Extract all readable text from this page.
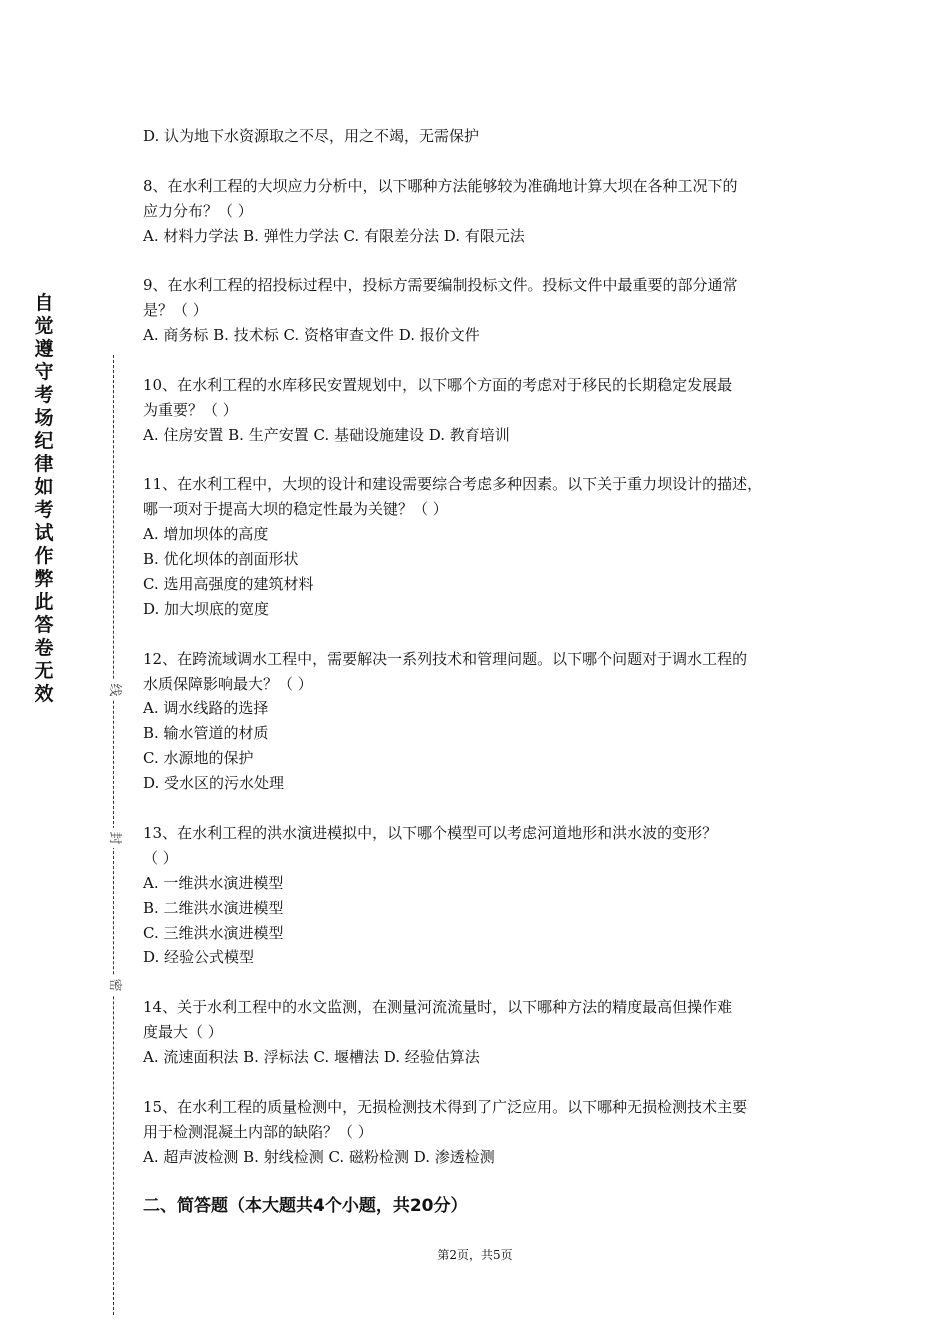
自觉遵守考场纪律如考试作弊此答卷无效	线
封
密
D. 认为地下水资源取之不尽，用之不竭，无需保护
8、在水利工程的大坝应力分析中，以下哪种方法能够较为准确地计算大坝在各种工况下的
应力分布？（ ）
A. 材料力学法 B. 弹性力学法 C. 有限差分法 D. 有限元法
9、在水利工程的招投标过程中，投标方需要编制投标文件。投标文件中最重要的部分通常
是？（ ）
A. 商务标 B. 技术标 C. 资格审查文件 D. 报价文件
10、在水利工程的水库移民安置规划中，以下哪个方面的考虑对于移民的长期稳定发展最
为重要？（ ）
A. 住房安置 B. 生产安置 C. 基础设施建设 D. 教育培训
11、在水利工程中，大坝的设计和建设需要综合考虑多种因素。以下关于重力坝设计的描述，
哪一项对于提高大坝的稳定性最为关键？（ ）
A. 增加坝体的高度
B. 优化坝体的剖面形状
C. 选用高强度的建筑材料
D. 加大坝底的宽度
12、在跨流域调水工程中，需要解决一系列技术和管理问题。以下哪个问题对于调水工程的
水质保障影响最大？（ ）
A. 调水线路的选择
B. 输水管道的材质
C. 水源地的保护
D. 受水区的污水处理
13、在水利工程的洪水演进模拟中，以下哪个模型可以考虑河道地形和洪水波的变形？
（ ）
A. 一维洪水演进模型
B. 二维洪水演进模型
C. 三维洪水演进模型
D. 经验公式模型
14、关于水利工程中的水文监测，在测量河流流量时，以下哪种方法的精度最高但操作难
度最大（ ）
A. 流速面积法 B. 浮标法 C. 堰槽法 D. 经验估算法
15、在水利工程的质量检测中，无损检测技术得到了广泛应用。以下哪种无损检测技术主要
用于检测混凝土内部的缺陷？（ ）
A. 超声波检测 B. 射线检测 C. 磁粉检测 D. 渗透检测
二、简答题（本大题共4个小题，共20分）
第2页，共5页
